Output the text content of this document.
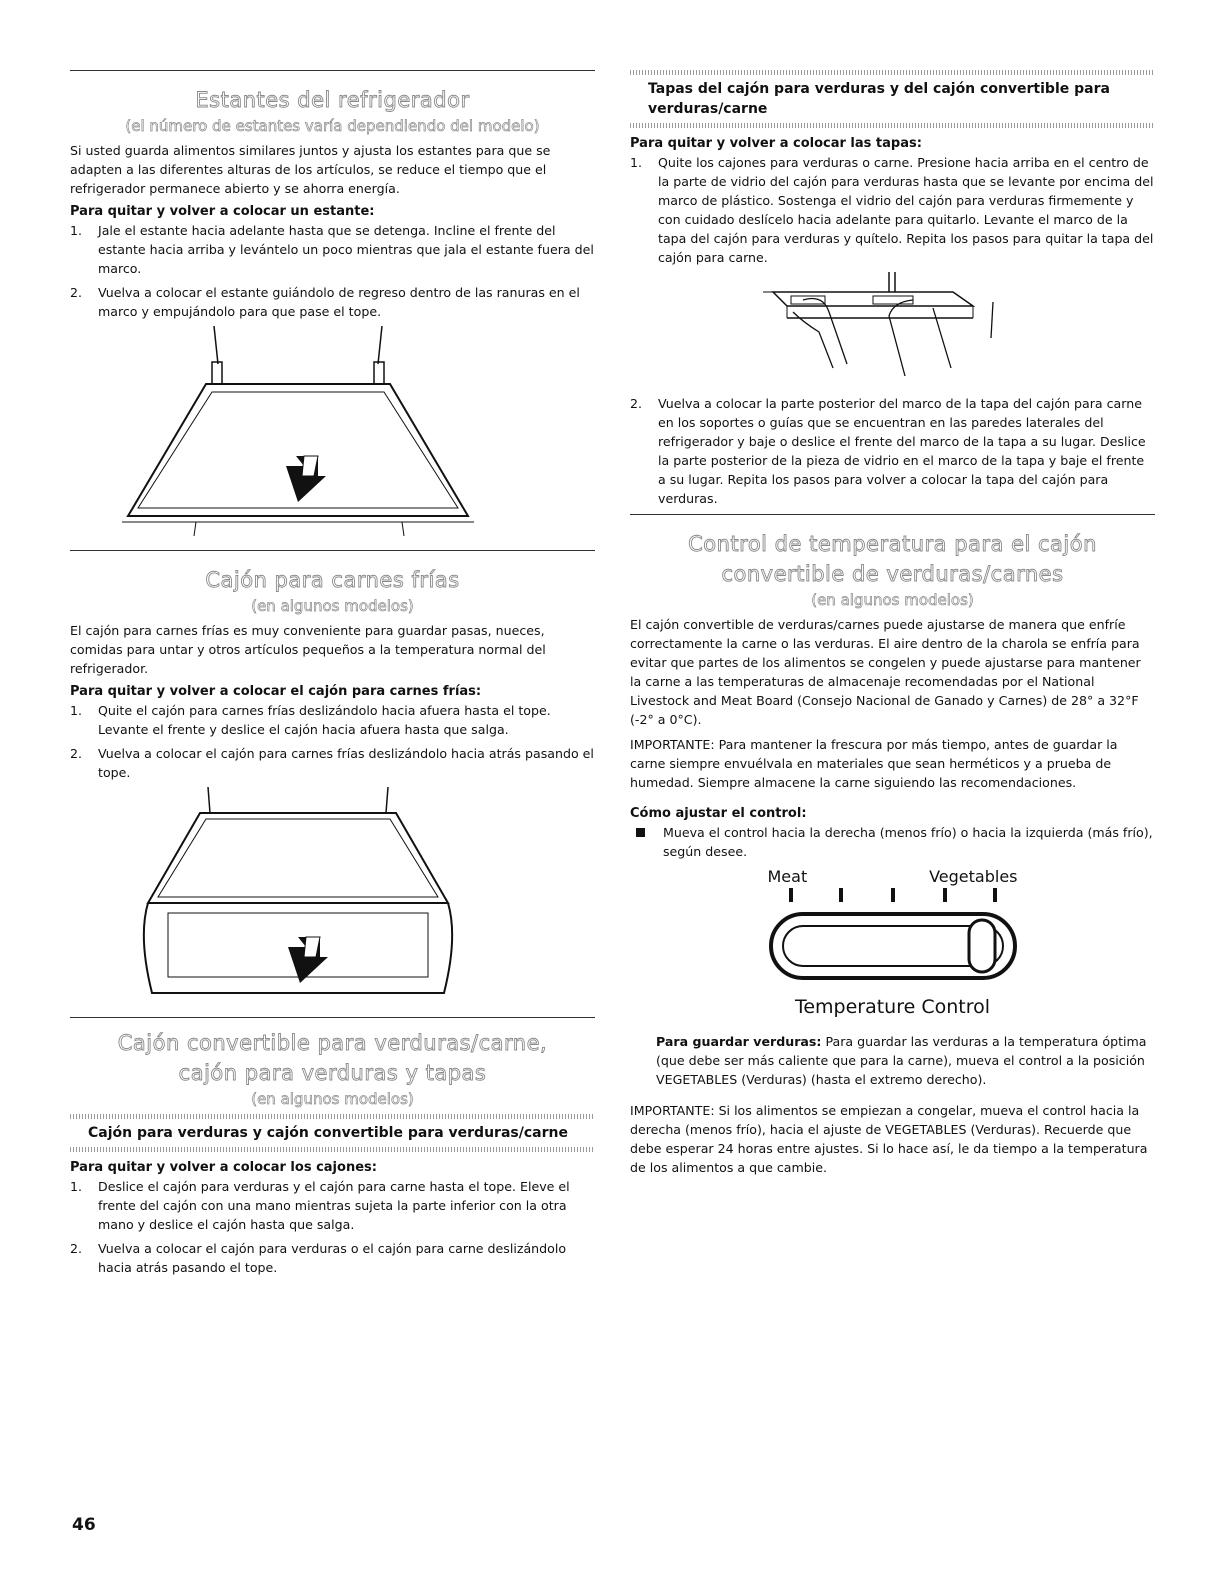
Estantes del refrigerador
(el número de estantes varía dependiendo del modelo)

Si usted guarda alimentos similares juntos y ajusta los estantes para que se adapten a las diferentes alturas de los artículos, se reduce el tiempo que el refrigerador permanece abierto y se ahorra energía.

Para quitar y volver a colocar un estante:
1. Jale el estante hacia adelante hasta que se detenga. Incline el frente del estante hacia arriba y levántelo un poco mientras que jala el estante fuera del marco.
2. Vuelva a colocar el estante guiándolo de regreso dentro de las ranuras en el marco y empujándolo para que pase el tope.
Cajón para carnes frías
(en algunos modelos)

El cajón para carnes frías es muy conveniente para guardar pasas, nueces, comidas para untar y otros artículos pequeños a la temperatura normal del refrigerador.

Para quitar y volver a colocar el cajón para carnes frías:
1. Quite el cajón para carnes frías deslizándolo hacia afuera hasta el tope. Levante el frente y deslice el cajón hacia afuera hasta que salga.
2. Vuelva a colocar el cajón para carnes frías deslizándolo hacia atrás pasando el tope.
Cajón convertible para verduras/carne,
cajón para verduras y tapas
(en algunos modelos)
Cajón para verduras y cajón convertible para verduras/carne
Para quitar y volver a colocar los cajones:
1. Deslice el cajón para verduras y el cajón para carne hasta el tope. Eleve el frente del cajón con una mano mientras sujeta la parte inferior con la otra mano y deslice el cajón hasta que salga.
2. Vuelva a colocar el cajón para verduras o el cajón para carne deslizándolo hacia atrás pasando el tope.
Tapas del cajón para verduras y del cajón convertible para verduras/carne
Para quitar y volver a colocar las tapas:
1. Quite los cajones para verduras o carne. Presione hacia arriba en el centro de la parte de vidrio del cajón para verduras hasta que se levante por encima del marco de plástico. Sostenga el vidrio del cajón para verduras firmemente y con cuidado deslícelo hacia adelante para quitarlo. Levante el marco de la tapa del cajón para verduras y quítelo. Repita los pasos para quitar la tapa del cajón para carne.
2. Vuelva a colocar la parte posterior del marco de la tapa del cajón para carne en los soportes o guías que se encuentran en las paredes laterales del refrigerador y baje o deslice el frente del marco de la tapa a su lugar. Deslice la parte posterior de la pieza de vidrio en el marco de la tapa y baje el frente a su lugar. Repita los pasos para volver a colocar la tapa del cajón para verduras.
Control de temperatura para el cajón
convertible de verduras/carnes
(en algunos modelos)

El cajón convertible de verduras/carnes puede ajustarse de manera que enfríe correctamente la carne o las verduras. El aire dentro de la charola se enfría para evitar que partes de los alimentos se congelen y puede ajustarse para mantener la carne a las temperaturas de almacenaje recomendadas por el National Livestock and Meat Board (Consejo Nacional de Ganado y Carnes) de 28° a 32°F (-2° a 0°C).

IMPORTANTE: Para mantener la frescura por más tiempo, antes de guardar la carne siempre envuélvala en materiales que sean herméticos y a prueba de humedad. Siempre almacene la carne siguiendo las recomendaciones.

Cómo ajustar el control:

Mueva el control hacia la derecha (menos frío) o hacia la izquierda (más frío), según desee.

Meat	Vegetables
Temperature Control

Para guardar verduras: Para guardar las verduras a la temperatura óptima (que debe ser más caliente que para la carne), mueva el control a la posición VEGETABLES (Verduras) (hasta el extremo derecho).

IMPORTANTE: Si los alimentos se empiezan a congelar, mueva el control hacia la derecha (menos frío), hacia el ajuste de VEGETABLES (Verduras). Recuerde que debe esperar 24 horas entre ajustes. Si lo hace así, le da tiempo a la temperatura de los alimentos a que cambie.

46
